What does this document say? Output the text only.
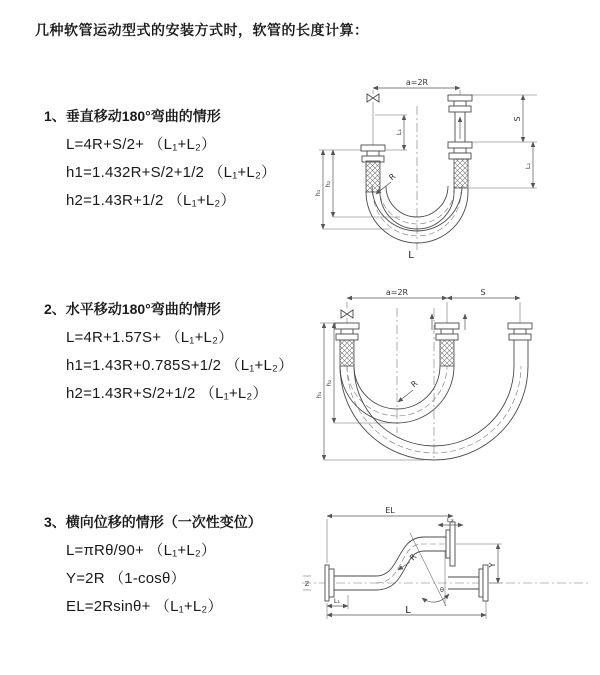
几种软管运动型式的安装方式时，软管的长度计算：
1、垂直移动180°弯曲的情形

L=4R+S/2+ （L₁+L₂）

h1=1.432R+S/2+1/2 （L₁+L₂）

h2=1.43R+1/2 （L₁+L₂）

2、水平移动180°弯曲的情形

L=4R+1.57S+ （L₁+L₂）

h1=1.43R+0.785S+1/2 （L₁+L₂）

h2=1.43R+S/2+1/2 （L₁+L₂）

3、横向位移的情形（一次性变位）

L=πRθ/90+ （L₁+L₂）

Y=2R （1-cosθ）

EL=2Rsinθ+ （L₁+L₂）

a=2R
S
L₂
L₁
h₁
h₂
R
L
a=2R	S
h₁
h₂	R
Z
EL
L₂
Y
θ
R
L₁
L
